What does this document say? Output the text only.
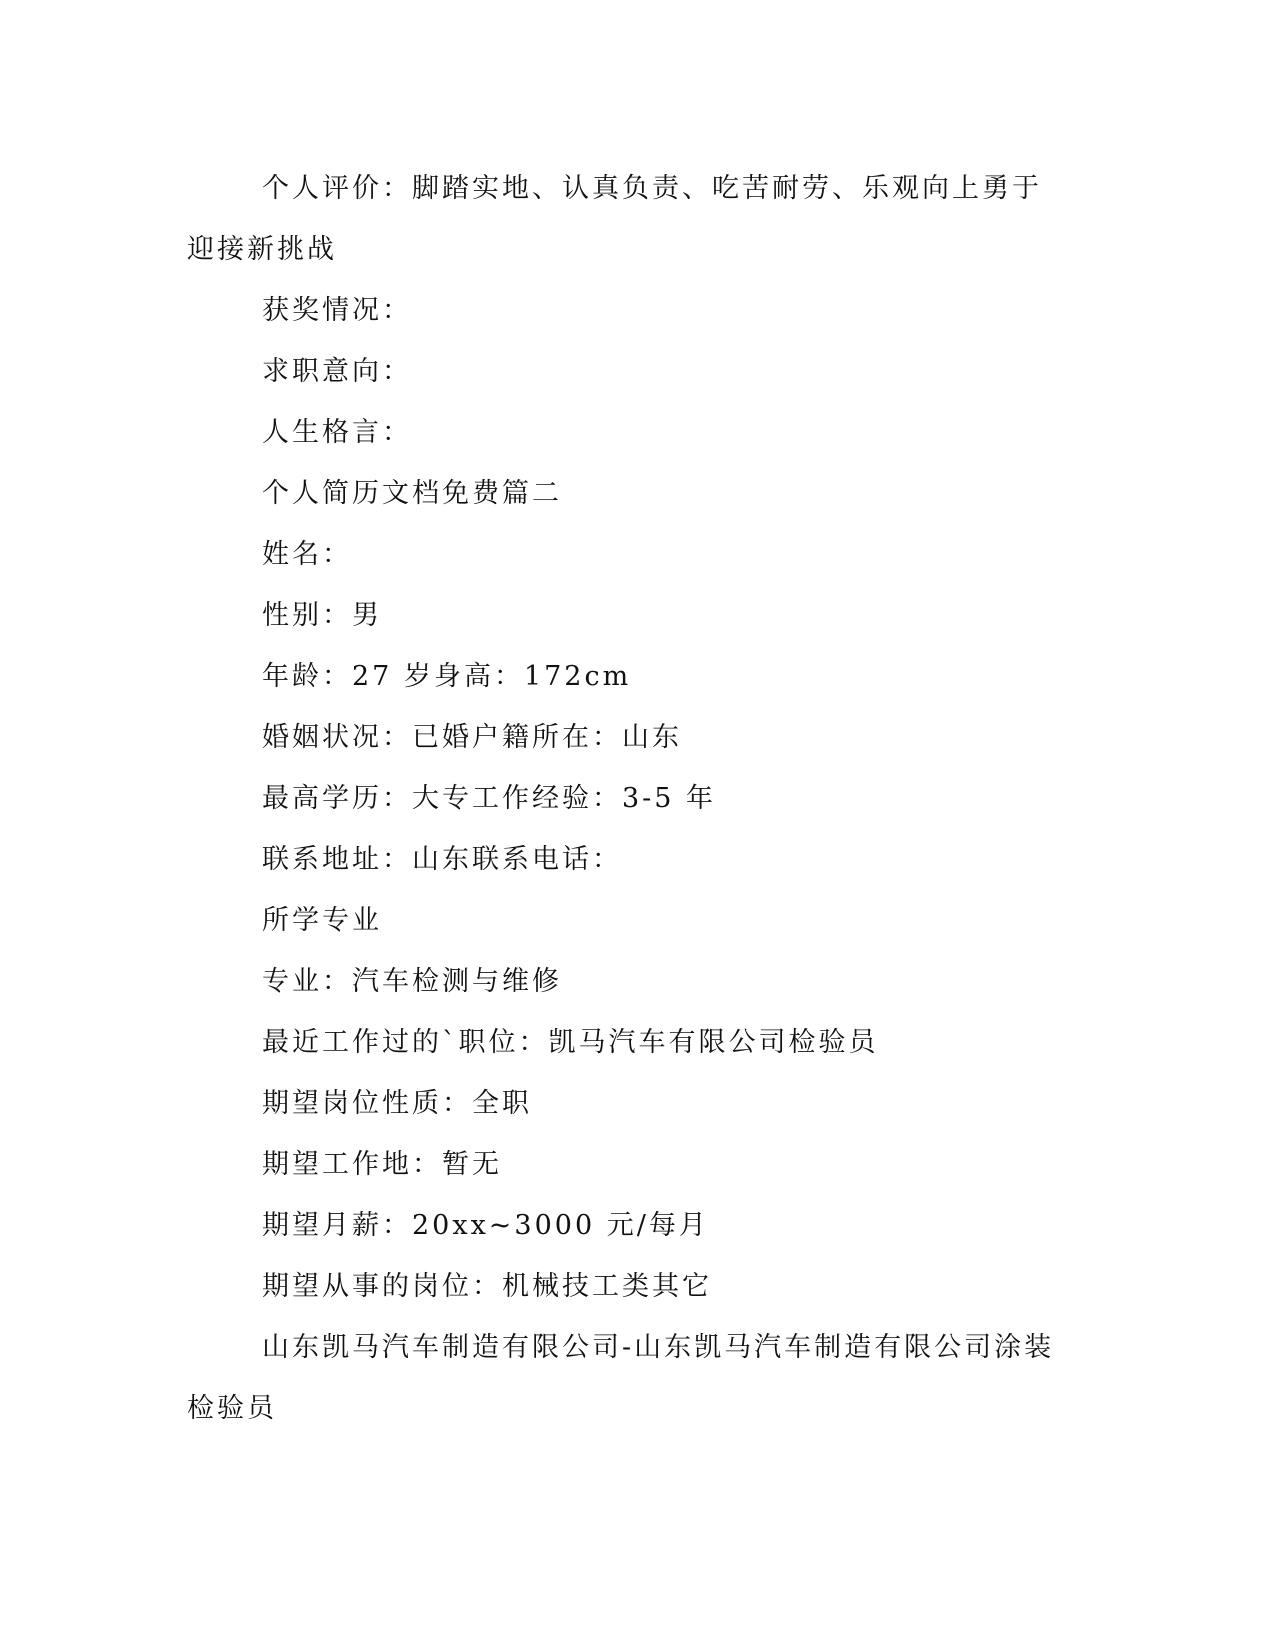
个人评价：脚踏实地、认真负责、吃苦耐劳、乐观向上勇于迎接新挑战

获奖情况：

求职意向：

人生格言：

个人简历文档免费篇二

姓名：

性别：男

年龄：27 岁身高：172cm

婚姻状况：已婚户籍所在：山东

最高学历：大专工作经验：3-5 年

联系地址：山东联系电话：

所学专业

专业：汽车检测与维修

最近工作过的`职位：凯马汽车有限公司检验员

期望岗位性质：全职

期望工作地：暂无

期望月薪：20xx~3000 元/每月

期望从事的岗位：机械技工类其它

山东凯马汽车制造有限公司-山东凯马汽车制造有限公司涂装检验员
